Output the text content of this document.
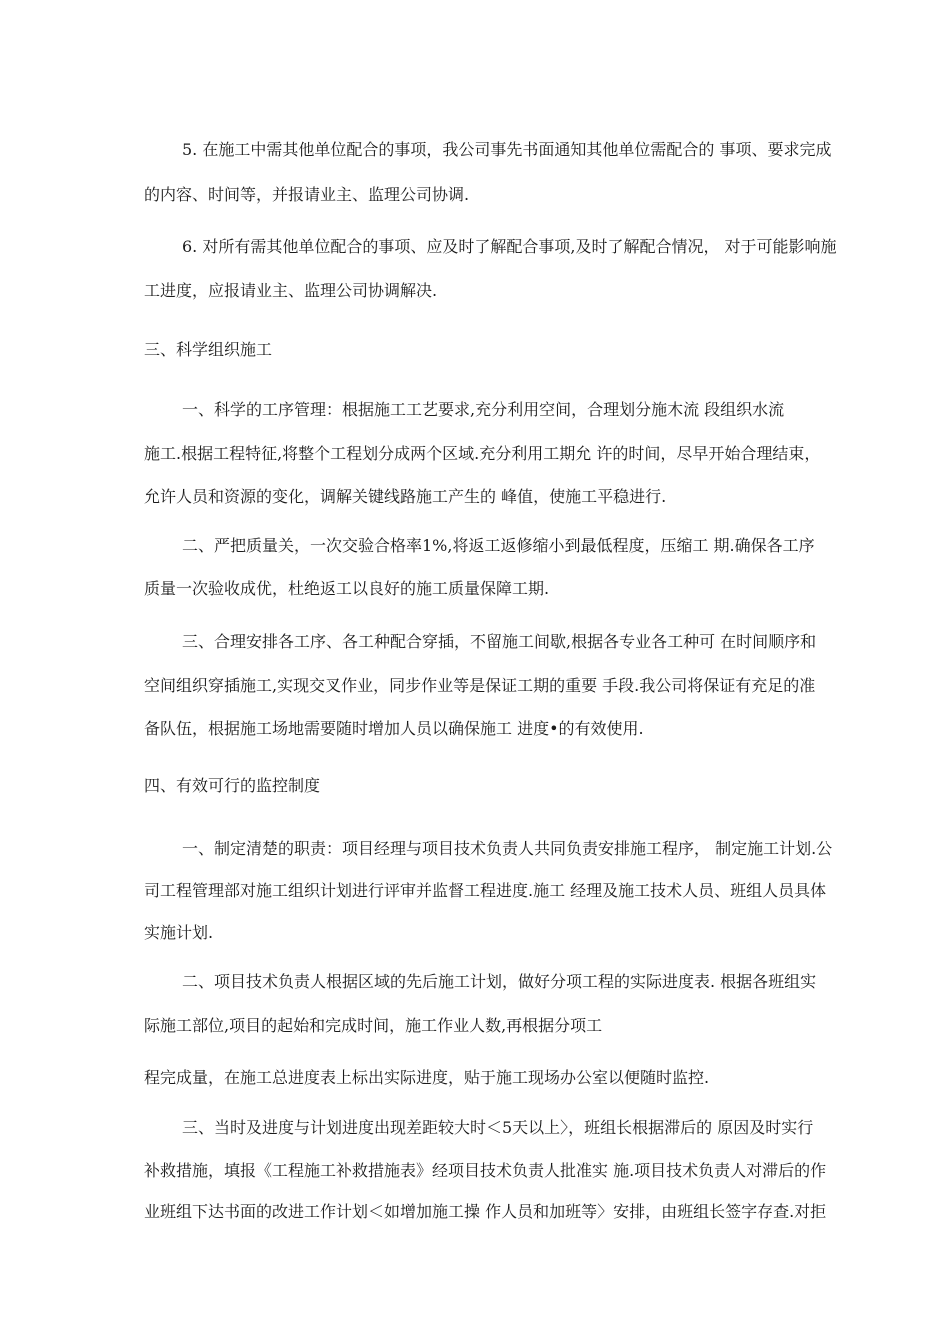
5. 在施工中需其他单位配合的事项，我公司事先书面通知其他单位需配合的 事项、要求完成

的内容、时间等，并报请业主、监理公司协调.

6. 对所有需其他单位配合的事项、应及时了解配合事项,及时了解配合情况， 对于可能影响施

工进度，应报请业主、监理公司协调解决.

三、科学组织施工

一、科学的工序管理：根据施工工艺要求,充分利用空间，合理划分施木流 段组织水流

施工.根据工程特征,将整个工程划分成两个区域.充分利用工期允 许的时间，尽早开始合理结束，

允许人员和资源的变化，调解关键线路施工产生的 峰值，使施工平稳进行.

二、严把质量关，一次交验合格率1%,将返工返修缩小到最低程度，压缩工 期.确保各工序

质量一次验收成优，杜绝返工以良好的施工质量保障工期.

三、合理安排各工序、各工种配合穿插，不留施工间歇,根据各专业各工种可 在时间顺序和

空间组织穿插施工,实现交叉作业，同步作业等是保证工期的重要 手段.我公司将保证有充足的准

备队伍，根据施工场地需要随时增加人员以确保施工 进度•的有效使用.

四、有效可行的监控制度

一、制定清楚的职责：项目经理与项目技术负责人共同负责安排施工程序， 制定施工计划.公

司工程管理部对施工组织计划进行评审并监督工程进度.施工 经理及施工技术人员、班组人员具体

实施计划.

二、项目技术负责人根据区域的先后施工计划，做好分项工程的实际进度表. 根据各班组实

际施工部位,项目的起始和完成时间，施工作业人数,再根据分项工

程完成量，在施工总进度表上标出实际进度，贴于施工现场办公室以便随时监控.

三、当时及进度与计划进度出现差距较大时＜5天以上〉，班组长根据滞后的 原因及时实行

补救措施，填报《工程施工补救措施表》经项目技术负责人批准实 施.项目技术负责人对滞后的作

业班组下达书面的改进工作计划＜如增加施工操 作人员和加班等〉安排，由班组长签字存查.对拒
